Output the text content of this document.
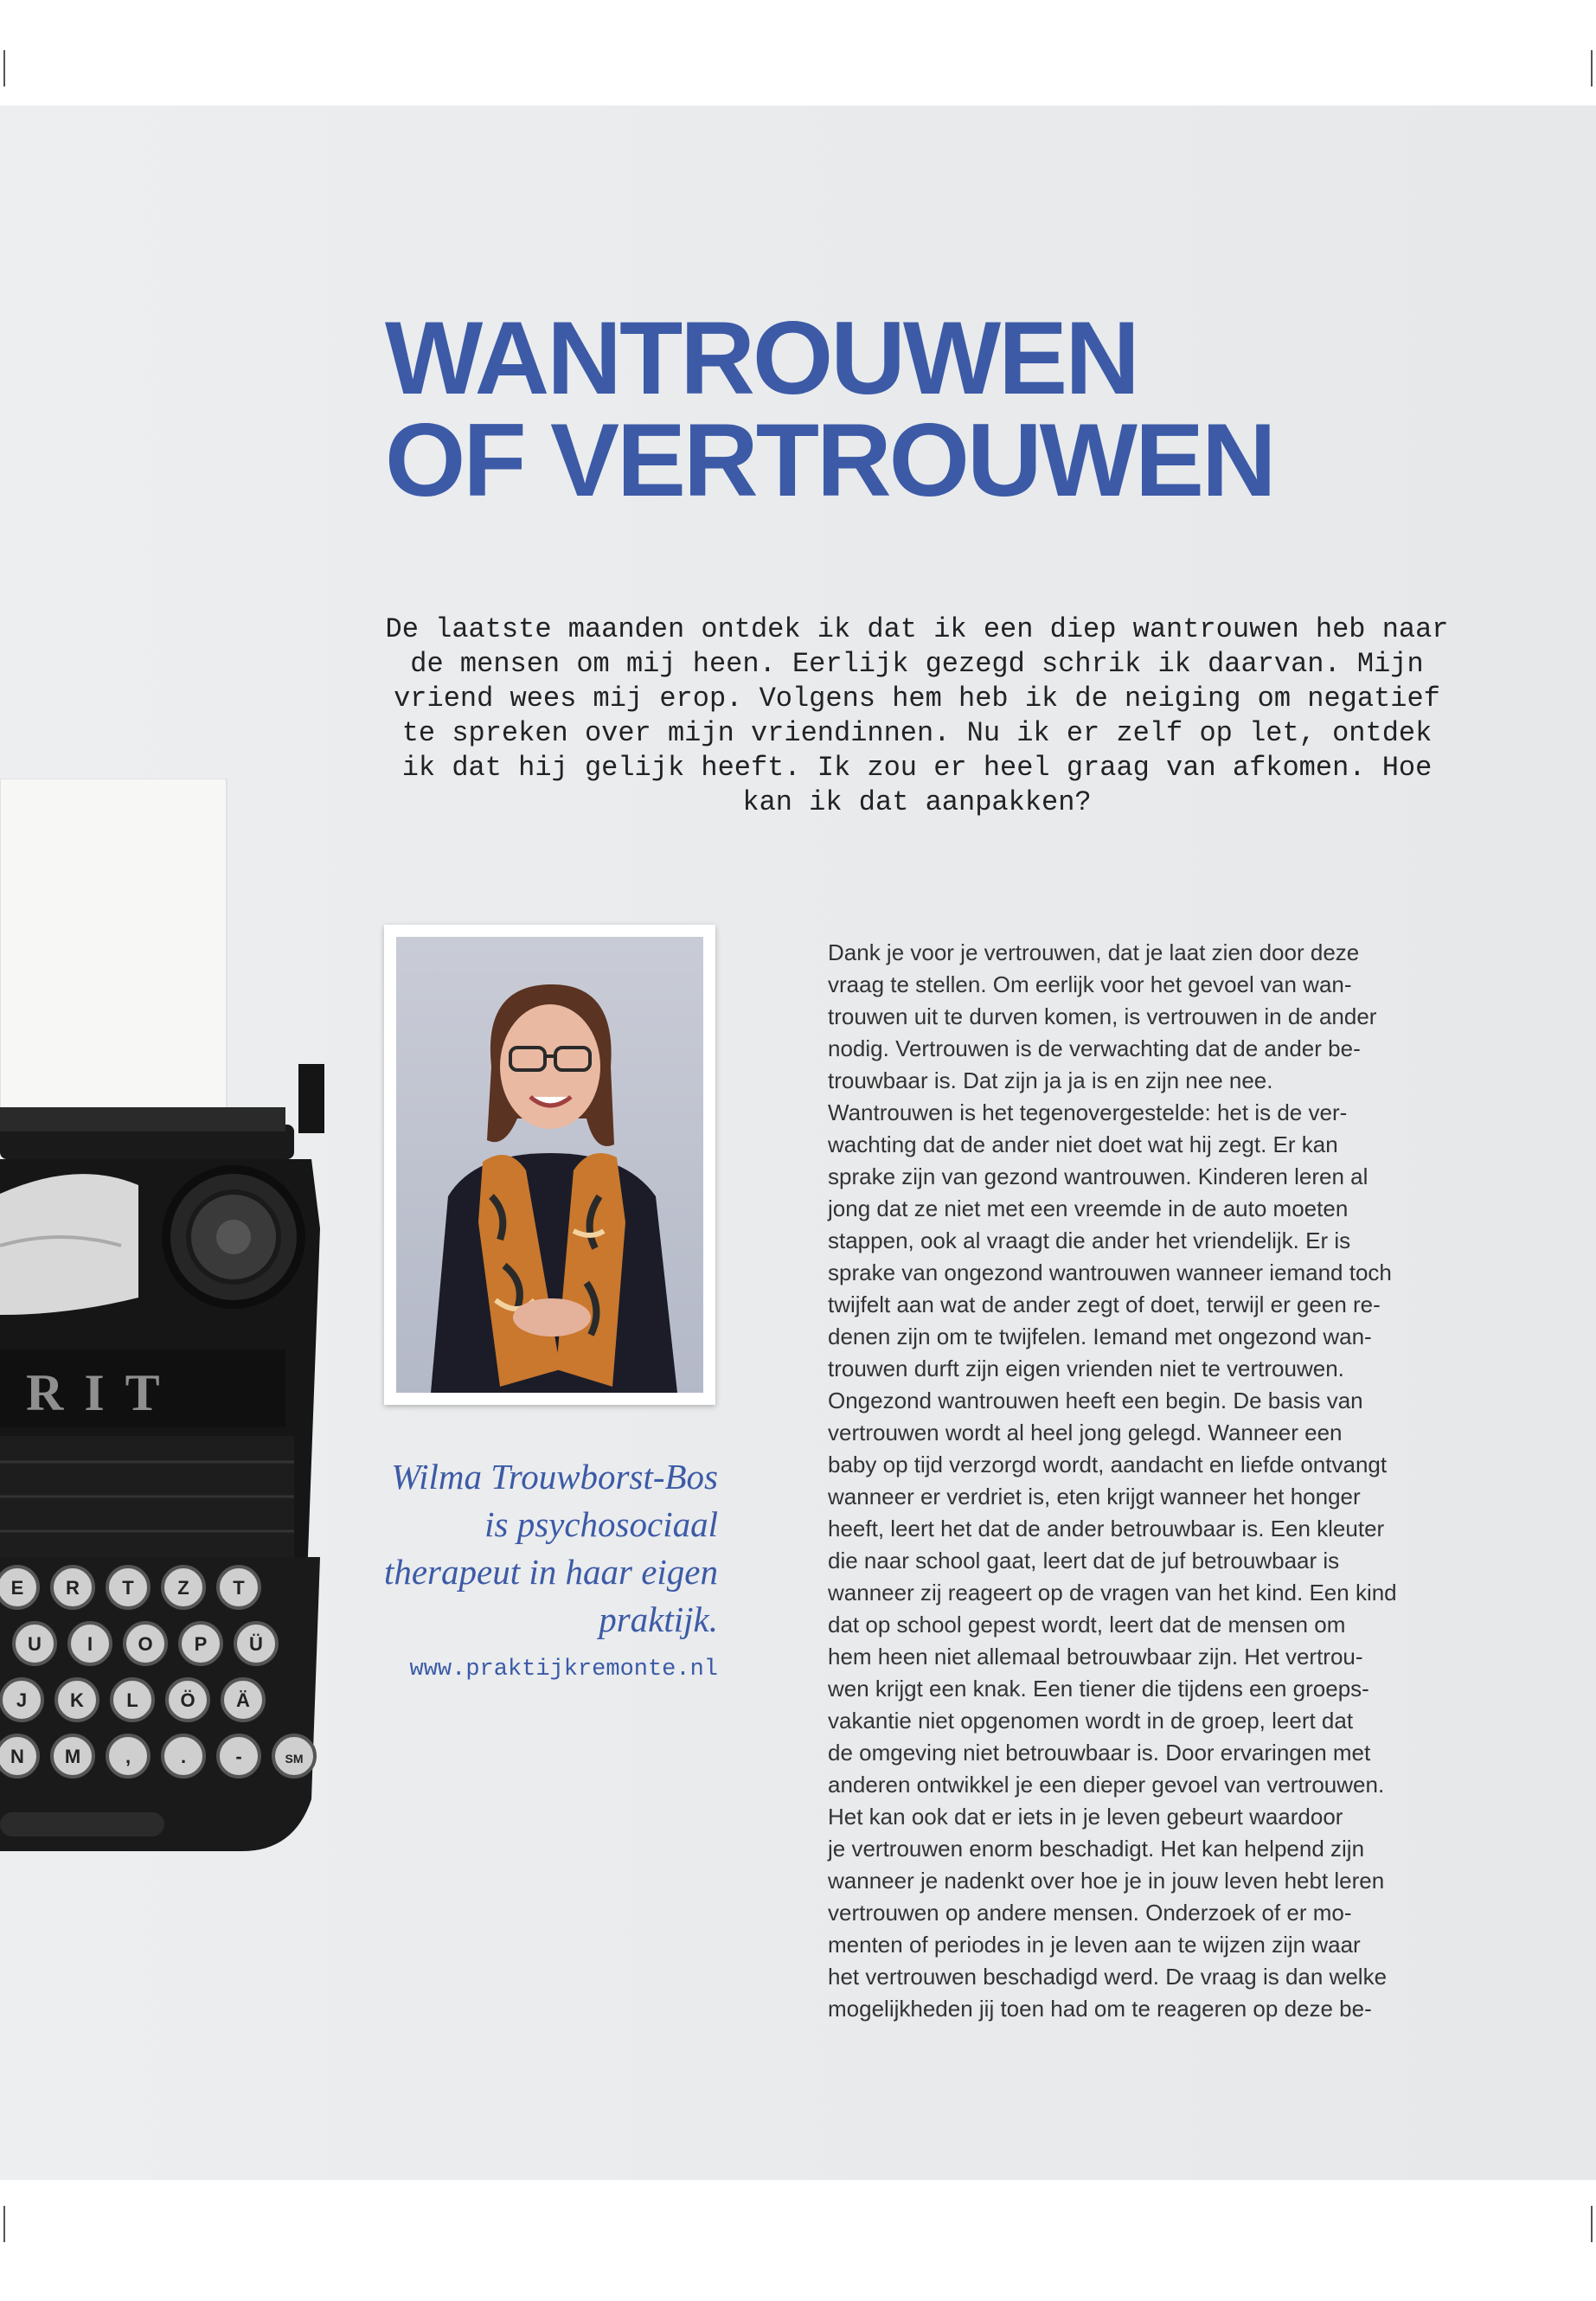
RIT
E R T Z T
U I O P Ü
J K L Ö Ä
N M ,	.	-	SM
WANTROUWEN
OF VERTROUWEN

De laatste maanden ontdek ik dat ik een diep wantrouwen heb naar de mensen om mij heen. Eerlijk gezegd schrik ik daarvan. Mijn vriend wees mij erop. Volgens hem heb ik de neiging om negatief te spreken over mijn vriendinnen. Nu ik er zelf op let, ontdek ik dat hij gelijk heeft. Ik zou er heel graag van afkomen. Hoe kan ik dat aanpakken?

Wilma Trouwborst-Bos is psychosociaal therapeut in haar eigen praktijk.

www.praktijkremonte.nl

Dank je voor je vertrouwen, dat je laat zien door deze
vraag te stellen. Om eerlijk voor het gevoel van wan-
trouwen uit te durven komen, is vertrouwen in de ander
nodig. Vertrouwen is de verwachting dat de ander be-
trouwbaar is. Dat zijn ja ja is en zijn nee nee.
Wantrouwen is het tegenovergestelde: het is de ver-
wachting dat de ander niet doet wat hij zegt. Er kan
sprake zijn van gezond wantrouwen. Kinderen leren al
jong dat ze niet met een vreemde in de auto moeten
stappen, ook al vraagt die ander het vriendelijk. Er is
sprake van ongezond wantrouwen wanneer iemand toch
twijfelt aan wat de ander zegt of doet, terwijl er geen re-
denen zijn om te twijfelen. Iemand met ongezond wan-
trouwen durft zijn eigen vrienden niet te vertrouwen.
Ongezond wantrouwen heeft een begin. De basis van
vertrouwen wordt al heel jong gelegd. Wanneer een
baby op tijd verzorgd wordt, aandacht en liefde ontvangt
wanneer er verdriet is, eten krijgt wanneer het honger
heeft, leert het dat de ander betrouwbaar is. Een kleuter
die naar school gaat, leert dat de juf betrouwbaar is
wanneer zij reageert op de vragen van het kind. Een kind
dat op school gepest wordt, leert dat de mensen om
hem heen niet allemaal betrouwbaar zijn. Het vertrou-
wen krijgt een knak. Een tiener die tijdens een groeps-
vakantie niet opgenomen wordt in de groep, leert dat
de omgeving niet betrouwbaar is. Door ervaringen met
anderen ontwikkel je een dieper gevoel van vertrouwen.
Het kan ook dat er iets in je leven gebeurt waardoor
je vertrouwen enorm beschadigt. Het kan helpend zijn
wanneer je nadenkt over hoe je in jouw leven hebt leren
vertrouwen op andere mensen. Onderzoek of er mo-
menten of periodes in je leven aan te wijzen zijn waar
het vertrouwen beschadigd werd. De vraag is dan welke
mogelijkheden jij toen had om te reageren op deze be-
